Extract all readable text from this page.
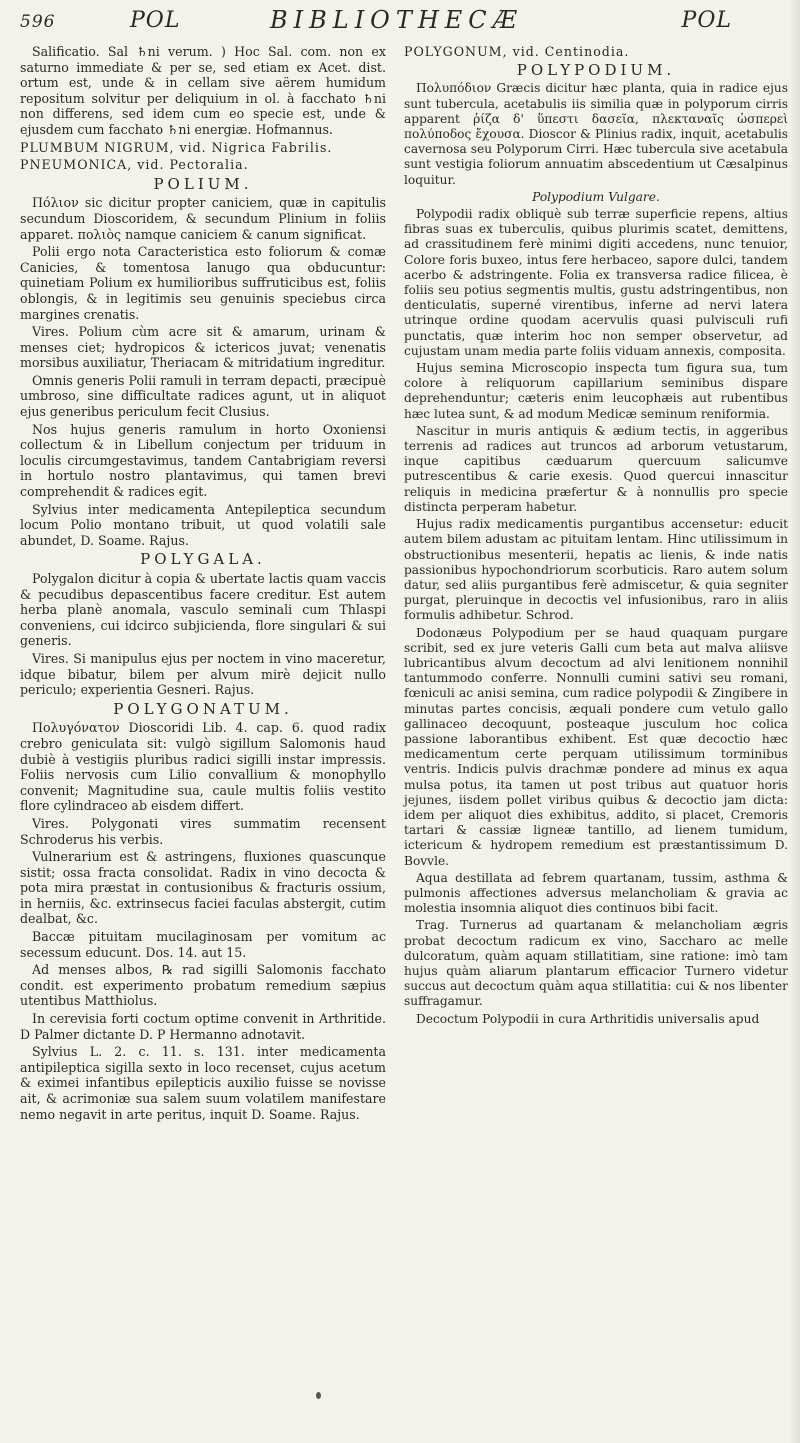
596	POL	BIBLIOTHECÆ	POL

Salificatio. Sal ♄ni verum. ) Hoc Sal. com. non ex saturno immediate & per se, sed etiam ex Acet. dist. ortum est, unde & in cellam sive aërem humidum repositum solvitur per deliquium in ol. à facchato ♄ni non differens, sed idem cum eo specie est, unde & ejusdem cum facchato ♄ni energiæ. Hofmannus.

PLUMBUM NIGRUM, vid. Nigrica Fabrilis.
PNEUMONICA, vid. Pectoralia.
POLIUM.

Πόλιον sic dicitur propter caniciem, quæ in capitulis secundum Dioscoridem, & secundum Plinium in foliis apparet. πολιὸς namque caniciem & canum significat.

Polii ergo nota Caracteristica esto foliorum & comæ Canicies, & tomentosa lanugo qua obducuntur: quinetiam Polium ex humilioribus suffruticibus est, foliis oblongis, & in legitimis seu genuinis speciebus circa margines crenatis.

Vires. Polium cùm acre sit & amarum, urinam & menses ciet; hydropicos & ictericos juvat; venenatis morsibus auxiliatur, Theriacam & mitridatium ingreditur.

Omnis generis Polii ramuli in terram depacti, præcipuè umbroso, sine difficultate radices agunt, ut in aliquot ejus generibus periculum fecit Clusius.

Nos hujus generis ramulum in horto Oxoniensi collectum & in Libellum conjectum per triduum in loculis circumgestavimus, tandem Cantabrigiam reversi in hortulo nostro plantavimus, qui tamen brevi comprehendit & radices egit.

Sylvius inter medicamenta Antepileptica secundum locum Polio montano tribuit, ut quod volatili sale abundet, D. Soame. Rajus.

POLYGALA.

Polygalon dicitur à copia & ubertate lactis quam vaccis & pecudibus depascentibus facere creditur. Est autem herba planè anomala, vasculo seminali cum Thlaspi conveniens, cui idcirco subjicienda, flore singulari & sui generis.

Vires. Si manipulus ejus per noctem in vino maceretur, idque bibatur, bilem per alvum mirè dejicit nullo periculo; experientia Gesneri. Rajus.

POLYGONATUM.

Πολυγόνατον Dioscoridi Lib. 4. cap. 6. quod radix crebro geniculata sit: vulgò sigillum Salomonis haud dubiè à vestigiis pluribus radici sigilli instar impressis. Foliis nervosis cum Lilio convallium & monophyllo convenit; Magnitudine sua, caule multis foliis vestito flore cylindraceo ab eisdem differt.

Vires. Polygonati vires summatim recensent Schroderus his verbis.

Vulnerarium est & astringens, fluxiones quascunque sistit; ossa fracta consolidat. Radix in vino decocta & pota mira præstat in contusionibus & fracturis ossium, in herniis, &c. extrinsecus faciei faculas abstergit, cutim dealbat, &c.

Baccæ pituitam mucilaginosam per vomitum ac secessum educunt. Dos. 14. aut 15.

Ad menses albos, ℞ rad sigilli Salomonis facchato condit. est experimento probatum remedium sæpius utentibus Matthiolus.

In cerevisia forti coctum optime convenit in Arthritide. D Palmer dictante D. P Hermanno adnotavit.

Sylvius L. 2. c. 11. s. 131. inter medicamenta antipileptica sigilla sexto in loco recenset, cujus acetum & eximei infantibus epilepticis auxilio fuisse se novisse ait, & acrimoniæ sua salem suum volatilem manifestare nemo negavit in arte peritus, inquit D. Soame. Rajus.

POLYGONUM, vid. Centinodia.
POLYPODIUM.

Πολυπόδιον Græcis dicitur hæc planta, quia in radice ejus sunt tubercula, acetabulis iis similia quæ in polyporum cirris apparent ῥίζα δ' ὕπεστι δασεῖα, πλεκταναῖς ὡσπερεὶ πολύποδος ἔχουσα. Dioscor & Plinius radix, inquit, acetabulis cavernosa seu Polyporum Cirri. Hæc tubercula sive acetabula sunt vestigia foliorum annuatim abscedentium ut Cæsalpinus loquitur.

Polypodium Vulgare.

Polypodii radix obliquè sub terræ superficie repens, altius fibras suas ex tuberculis, quibus plurimis scatet, demittens, ad crassitudinem ferè minimi digiti accedens, nunc tenuior, Colore foris buxeo, intus fere herbaceo, sapore dulci, tandem acerbo & adstringente. Folia ex transversa radice filicea, è foliis seu potius segmentis multis, gustu adstringentibus, non denticulatis, superné virentibus, inferne ad nervi latera utrinque ordine quodam acervulis quasi pulvisculi rufi punctatis, quæ interim hoc non semper observetur, ad cujustam unam media parte foliis viduam annexis, composita.

Hujus semina Microscopio inspecta tum figura sua, tum colore à reliquorum capillarium seminibus dispare deprehenduntur; cæteris enim leucophæis aut rubentibus hæc lutea sunt, & ad modum Medicæ seminum reniformia.

Nascitur in muris antiquis & ædium tectis, in aggeribus terrenis ad radices aut truncos ad arborum vetustarum, inque capitibus cæduarum quercuum salicumve putrescentibus & carie exesis. Quod quercui innascitur reliquis in medicina præfertur & à nonnullis pro specie distincta perperam habetur.

Hujus radix medicamentis purgantibus accensetur: educit autem bilem adustam ac pituitam lentam. Hinc utilissimum in obstructionibus mesenterii, hepatis ac lienis, & inde natis passionibus hypochondriorum scorbuticis. Raro autem solum datur, sed aliis purgantibus ferè admiscetur, & quia segniter purgat, pleruinque in decoctis vel infusionibus, raro in aliis formulis adhibetur. Schrod.

Dodonæus Polypodium per se haud quaquam purgare scribit, sed ex jure veteris Galli cum beta aut malva aliisve lubricantibus alvum decoctum ad alvi lenitionem nonnihil tantummodo conferre. Nonnulli cumini sativi seu romani, fœniculi ac anisi semina, cum radice polypodii & Zingibere in minutas partes concisis, æquali pondere cum vetulo gallo gallinaceo decoquunt, posteaque jusculum hoc colica passione laborantibus exhibent. Est quæ decoctio hæc medicamentum certe perquam utilissimum torminibus ventris. Indicis pulvis drachmæ pondere ad minus ex aqua mulsa potus, ita tamen ut post tribus aut quatuor horis jejunes, iisdem pollet viribus quibus & decoctio jam dicta: idem per aliquot dies exhibitus, addito, si placet, Cremoris tartari & cassiæ ligneæ tantillo, ad lienem tumidum, ictericum & hydropem remedium est præstantissimum D. Bovvle.

Aqua destillata ad febrem quartanam, tussim, asthma & pulmonis affectiones adversus melancholiam & gravia ac molestia insomnia aliquot dies continuos bibi facit.

Trag. Turnerus ad quartanam & melancholiam ægris probat decoctum radicum ex vino, Saccharo ac melle dulcoratum, quàm aquam stillatitiam, sine ratione: imò tam hujus quàm aliarum plantarum efficacior Turnero videtur succus aut decoctum quàm aqua stillatitia: cui & nos libenter suffragamur.

Decoctum Polypodii in cura Arthritidis universalis apud
